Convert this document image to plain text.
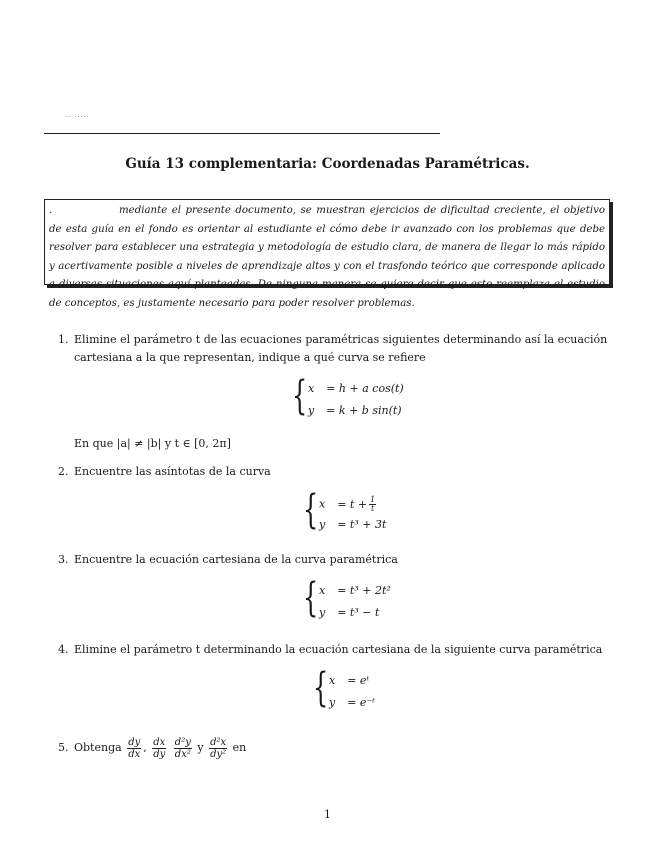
·· ·····
Guía 13 complementaria: Coordenadas Paramétricas.
.	mediante el presente documento, se muestran ejercicios de dificultad creciente, el objetivo de esta guía en el fondo es orientar al estudiante el cómo debe ir avanzado con los problemas que debe resolver para establecer una estrategia y metodología de estudio clara, de manera de llegar lo más rápido y acertivamente posible a niveles de aprendizaje altos y con el trasfondo teórico que corresponde aplicado a diversas situaciones aquí planteadas. De ninguna manera se quiere decir que esto reemplaza el estudio de conceptos, es justamente necesario para poder resolver problemas.
1. Elimine el parámetro t de las ecuaciones paramétricas siguientes determinando así la ecuación cartesiana a la que representan, indique a qué curva se refiere
{ x = h + a cos(t)
y = k + b sin(t)
En que |a| ≠ |b| y t ∈ [0, 2π]
2. Encuentre las asíntotas de la curva
{ $x = t + \frac{1}{t}$
y = t³ + 3t
3. Encuentre la ecuación cartesiana de la curva paramétrica
{ x = t³ + 2t²
y = t³ − t
4. Elimine el parámetro t determinando la ecuación cartesiana de la siguiente curva paramétrica
{ x = eᵗ
y = e⁻ᵗ
5. Obtenga $\frac{dy}{dx}$ , $\frac{dx}{dy}$
$\frac{\text{d²y}}{\text{dx²}}$ y $\frac{\text{d²x}}{\text{dy²}}$ en
1
